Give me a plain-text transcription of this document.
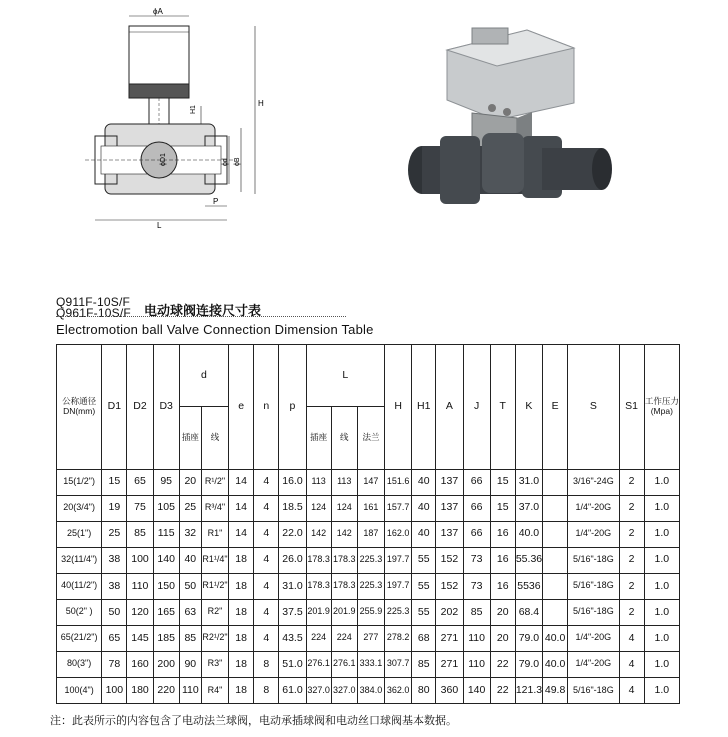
ϕA
H
H1
ϕD1	ϕd ϕB
P
L
Q911F-10S/F
Q961F-10S/F 电动球阀连接尺寸表
Electromotion ball Valve Connection Dimension Table
公称通径 DN(mm)	D1	D2	D3	d		e	n	p	L			H	H1	A	J	T	K	E	S	S1	工作压力
(Mpa)

				插座	线				插座	线	法兰										
15(1/2")	15	65	95	20	R¹/2"	14	4	16.0	113	113	147	151.6	40	137	66	15	31.0		3/16"-24G	2	1.0
20(3/4")	19	75	105	25	R³/4"	14	4	18.5	124	124	161	157.7	40	137	66	15	37.0		1/4"-20G	2	1.0
25(1")	25	85	115	32	R1"	14	4	22.0	142	142	187	162.0	40	137	66	16	40.0		1/4"-20G	2	1.0
32(11/4")	38	100	140	40	R1¹/4"	18	4	26.0	178.3	178.3	225.3	197.7	55	152	73	16	55.36		5/16"-18G	2	1.0
40(11/2")	38	110	150	50	R1¹/2"	18	4	31.0	178.3	178.3	225.3	197.7	55	152	73	16	5536		5/16"-18G	2	1.0
50(2" )	50	120	165	63	R2"	18	4	37.5	201.9	201.9	255.9	225.3	55	202	85	20	68.4		5/16"-18G	2	1.0
65(21/2")	65	145	185	85	R2¹/2"	18	4	43.5	224	224	277	278.2	68	271	110	20	79.0	40.0	1/4"-20G	4	1.0
80(3")	78	160	200	90	R3"	18	8	51.0	276.1	276.1	333.1	307.7	85	271	110	22	79.0	40.0	1/4"-20G	4	1.0
100(4")	100	180	220	110	R4"	18	8	61.0	327.0	327.0	384.0	362.0	80	360	140	22	121.3	49.8	5/16"-18G	4	1.0
注：此表所示的内容包含了电动法兰球阀，电动承插球阀和电动丝口球阀基本数据。
